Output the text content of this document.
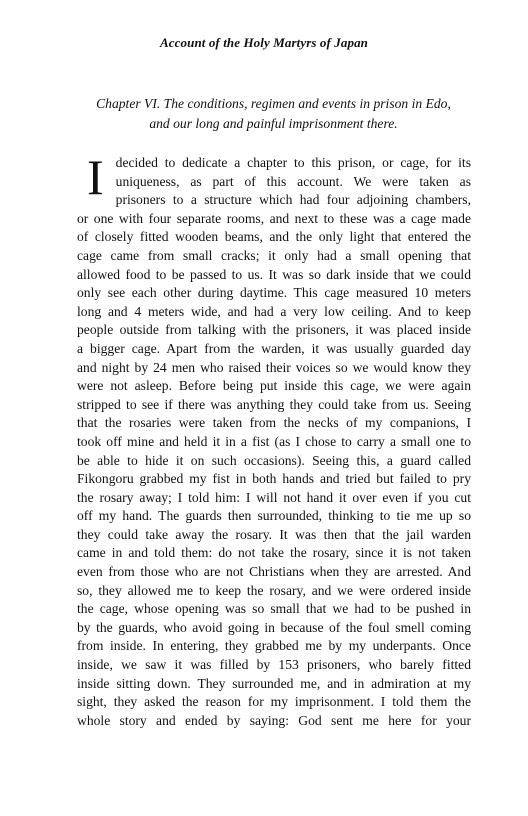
Account of the Holy Martyrs of Japan
Chapter VI. The conditions, regimen and events in prison in Edo,
and our long and painful imprisonment there.
I decided to dedicate a chapter to this prison, or cage, for its
uniqueness, as part of this account. We were taken as
prisoners to a structure which had four adjoining chambers,
or one with four separate rooms, and next to these was a cage made
of closely fitted wooden beams, and the only light that entered the
cage came from small cracks; it only had a small opening that
allowed food to be passed to us. It was so dark inside that we could
only see each other during daytime. This cage measured 10 meters
long and 4 meters wide, and had a very low ceiling. And to keep
people outside from talking with the prisoners, it was placed inside
a bigger cage. Apart from the warden, it was usually guarded day
and night by 24 men who raised their voices so we would know they
were not asleep. Before being put inside this cage, we were again
stripped to see if there was anything they could take from us. Seeing
that the rosaries were taken from the necks of my companions, I
took off mine and held it in a fist (as I chose to carry a small one to
be able to hide it on such occasions). Seeing this, a guard called
Fikongoru grabbed my fist in both hands and tried but failed to pry
the rosary away; I told him: I will not hand it over even if you cut
off my hand. The guards then surrounded, thinking to tie me up so
they could take away the rosary. It was then that the jail warden
came in and told them: do not take the rosary, since it is not taken
even from those who are not Christians when they are arrested. And
so, they allowed me to keep the rosary, and we were ordered inside
the cage, whose opening was so small that we had to be pushed in
by the guards, who avoid going in because of the foul smell coming
from inside. In entering, they grabbed me by my underpants. Once
inside, we saw it was filled by 153 prisoners, who barely fitted
inside sitting down. They surrounded me, and in admiration at my
sight, they asked the reason for my imprisonment. I told them the
whole story and ended by saying: God sent me here for your
